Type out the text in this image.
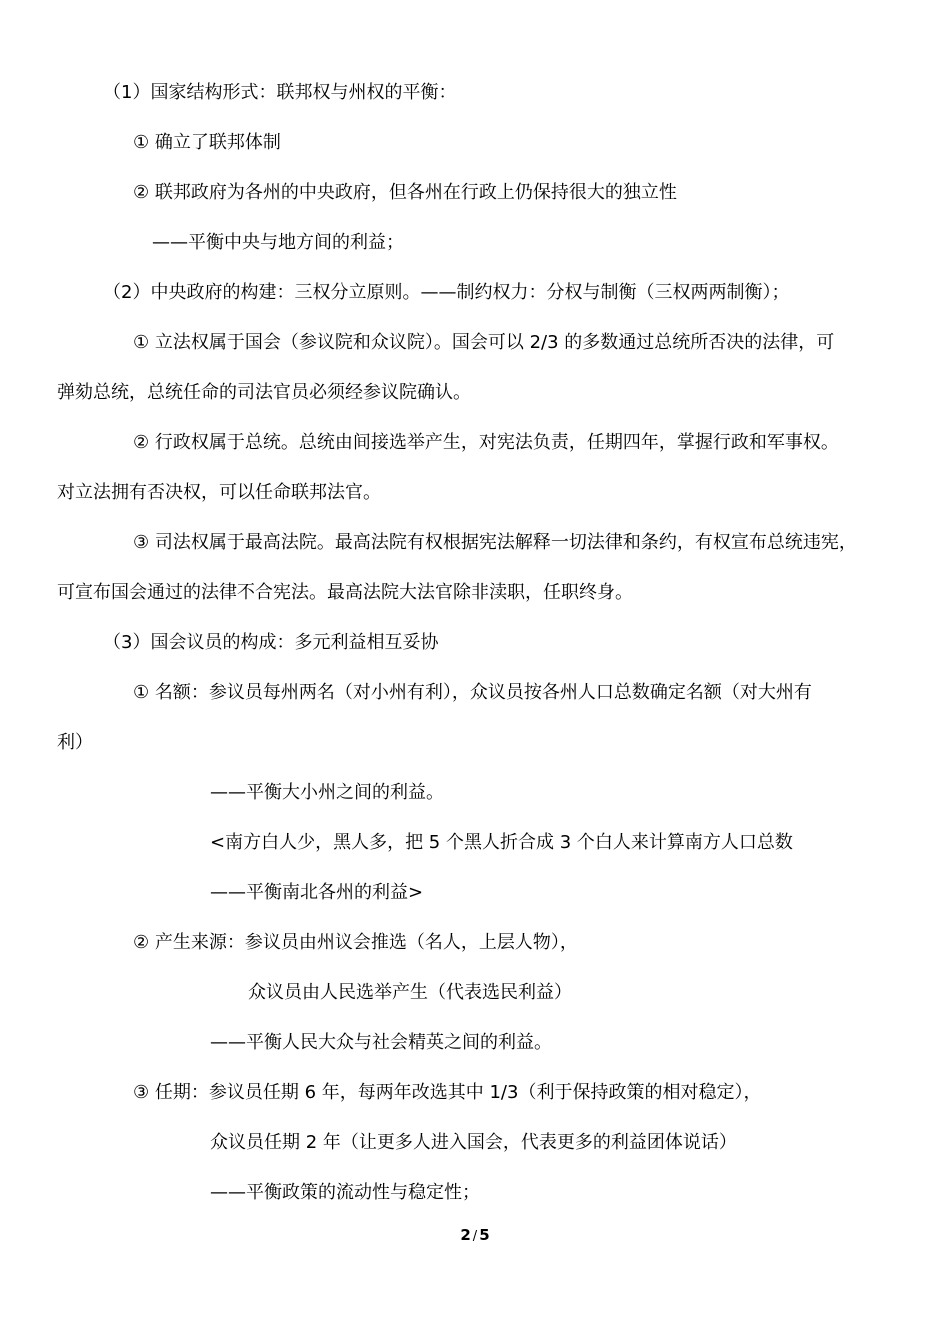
（1）国家结构形式：联邦权与州权的平衡：

① 确立了联邦体制

② 联邦政府为各州的中央政府，但各州在行政上仍保持很大的独立性

——平衡中央与地方间的利益；

（2）中央政府的构建：三权分立原则。——制约权力：分权与制衡（三权两两制衡）；

① 立法权属于国会（参议院和众议院）。国会可以 2/3 的多数通过总统所否决的法律，可

弹劾总统，总统任命的司法官员必须经参议院确认。

② 行政权属于总统。总统由间接选举产生，对宪法负责，任期四年，掌握行政和军事权。

对立法拥有否决权，可以任命联邦法官。

③ 司法权属于最高法院。最高法院有权根据宪法解释一切法律和条约，有权宣布总统违宪，

可宣布国会通过的法律不合宪法。最高法院大法官除非渎职，任职终身。

（3）国会议员的构成：多元利益相互妥协

① 名额：参议员每州两名（对小州有利），众议员按各州人口总数确定名额（对大州有

利）

——平衡大小州之间的利益。

<南方白人少，黑人多，把 5 个黑人折合成 3 个白人来计算南方人口总数

——平衡南北各州的利益>

② 产生来源：参议员由州议会推选（名人，上层人物），

众议员由人民选举产生（代表选民利益）

——平衡人民大众与社会精英之间的利益。

③ 任期：参议员任期 6 年，每两年改选其中 1/3（利于保持政策的相对稳定），

众议员任期 2 年（让更多人进入国会，代表更多的利益团体说话）

——平衡政策的流动性与稳定性；

2 / 5
